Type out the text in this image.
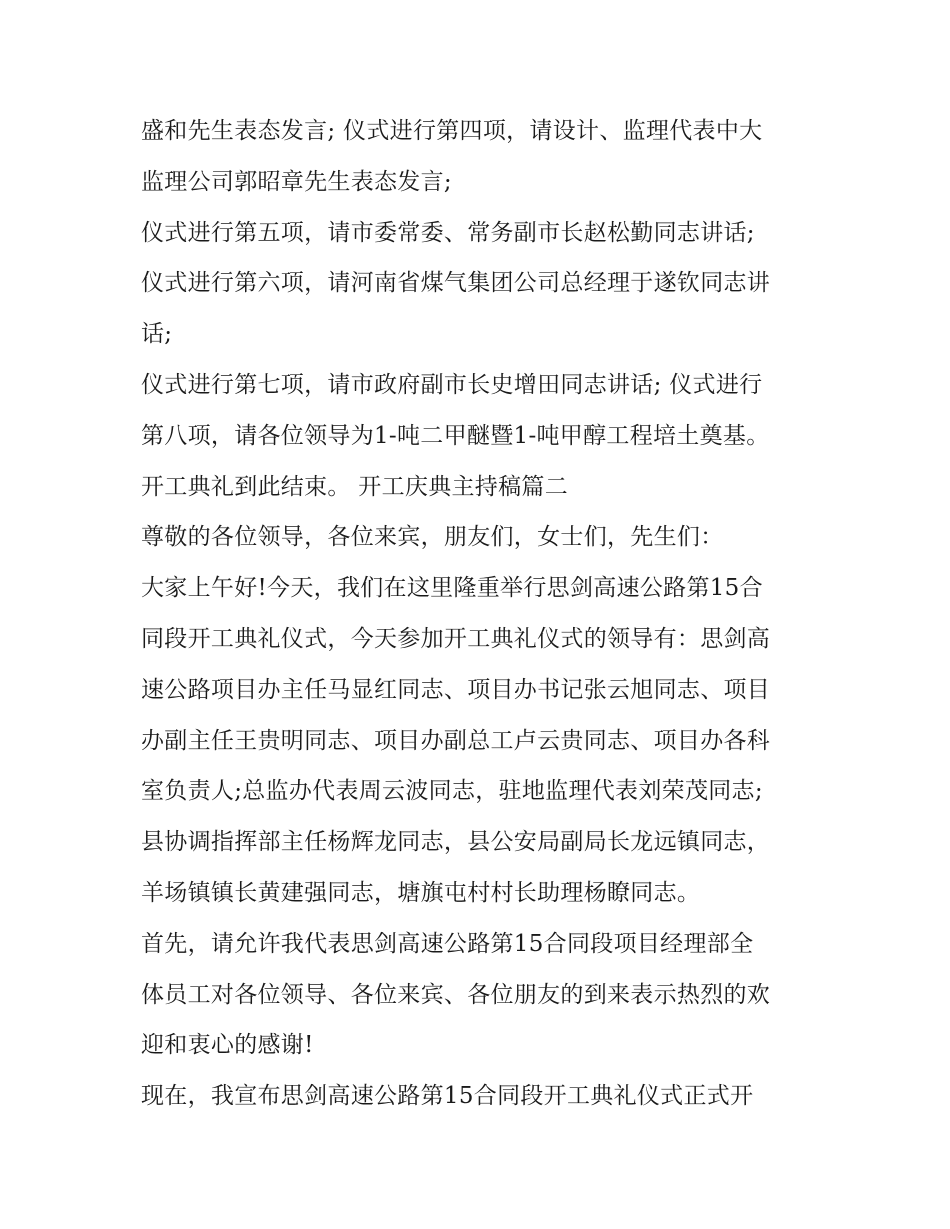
盛和先生表态发言; 仪式进行第四项，请设计、监理代表中大
监理公司郭昭章先生表态发言;
仪式进行第五项，请市委常委、常务副市长赵松勤同志讲话;
仪式进行第六项，请河南省煤气集团公司总经理于遂钦同志讲
话;
仪式进行第七项，请市政府副市长史增田同志讲话; 仪式进行
第八项，请各位领导为1-吨二甲醚暨1-吨甲醇工程培土奠基。
开工典礼到此结束。 开工庆典主持稿篇二
尊敬的各位领导，各位来宾，朋友们，女士们，先生们：
大家上午好!今天，我们在这里隆重举行思剑高速公路第15合
同段开工典礼仪式，今天参加开工典礼仪式的领导有：思剑高
速公路项目办主任马显红同志、项目办书记张云旭同志、项目
办副主任王贵明同志、项目办副总工卢云贵同志、项目办各科
室负责人;总监办代表周云波同志，驻地监理代表刘荣茂同志;
县协调指挥部主任杨辉龙同志，县公安局副局长龙远镇同志，
羊场镇镇长黄建强同志，塘旗屯村村长助理杨瞭同志。
首先，请允许我代表思剑高速公路第15合同段项目经理部全
体员工对各位领导、各位来宾、各位朋友的到来表示热烈的欢
迎和衷心的感谢!
现在，我宣布思剑高速公路第15合同段开工典礼仪式正式开
